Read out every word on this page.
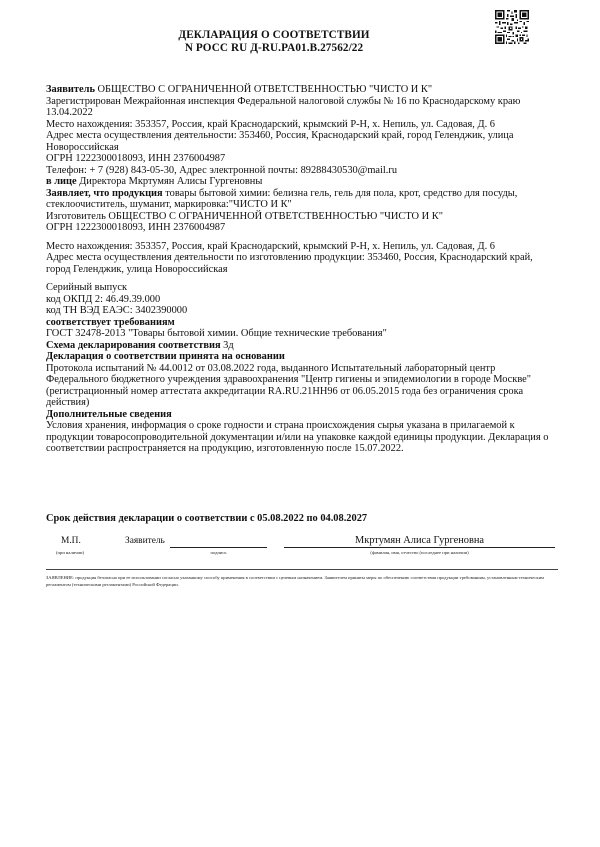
ДЕКЛАРАЦИЯ О СООТВЕТСТВИИ
N РОСС RU Д-RU.PA01.B.27562/22

Заявитель ОБЩЕСТВО С ОГРАНИЧЕННОЙ ОТВЕТСТВЕННОСТЬЮ "ЧИСТО И К"

Зарегистрирован Межрайонная инспекция Федеральной налоговой службы № 16 по Краснодарскому краю 13.04.2022

Место нахождения: 353357, Россия, край Краснодарский, крымский Р-Н, х. Непиль, ул. Садовая, Д. 6

Адрес места осуществления деятельности: 353460, Россия, Краснодарский край, город Геленджик, улица Новороссийская

ОГРН 1222300018093, ИНН 2376004987

Телефон: + 7 (928) 843-05-30, Адрес электронной почты: 89288430530@mail.ru

в лице Директора Мкртумян Алисы Гургеновны

Заявляет, что продукция товары бытовой химии: белизна гель, гель для пола, крот, средство для посуды, стеклоочиститель, шуманит, маркировка:"ЧИСТО И К"

Изготовитель ОБЩЕСТВО С ОГРАНИЧЕННОЙ ОТВЕТСТВЕННОСТЬЮ "ЧИСТО И К"

ОГРН 1222300018093, ИНН 2376004987

Место нахождения: 353357, Россия, край Краснодарский, крымский Р-Н, х. Непиль, ул. Садовая, Д. 6

Адрес места осуществления деятельности по изготовлению продукции: 353460, Россия, Краснодарский край, город Геленджик, улица Новороссийская

Серийный выпуск

код ОКПД 2: 46.49.39.000

код ТН ВЭД ЕАЭС: 3402390000

соответствует требованиям

ГОСТ 32478-2013 "Товары бытовой химии. Общие технические требования"

Схема декларирования соответствия 3д

Декларация о соответствии принята на основании

Протокола испытаний № 44.0012 от 03.08.2022 года, выданного Испытательный лабораторный центр Федерального бюджетного учреждения здравоохранения "Центр гигиены и эпидемиологии в городе Москве" (регистрационный номер аттестата аккредитации RA.RU.21НН96 от 06.05.2015 года без ограничения срока действия)

Дополнительные сведения

Условия хранения, информация о сроке годности и страна происхождения сырья указана в прилагаемой к продукции товаросопроводительной документации и/или на упаковке каждой единицы продукции. Декларация о соответствии распространяется на продукцию, изготовленную после 15.07.2022.

Срок действия декларации о соответствии с 05.08.2022 по 04.08.2027
М.П.
(при наличии)
Заявитель
подпись
Мкртумян Алиса Гургеновна
(фамилия, имя, отчество (последнее при наличии)
ЗАЯВЛЕНИЕ: продукция безопасна при ее использовании согласно указанному способу применения в соответствии с целевым назначением. Заявителем приняты меры по обеспечению соответствия продукции требованиям, установленным техническим регламентом (техническими регламентами) Российской Федерации.
